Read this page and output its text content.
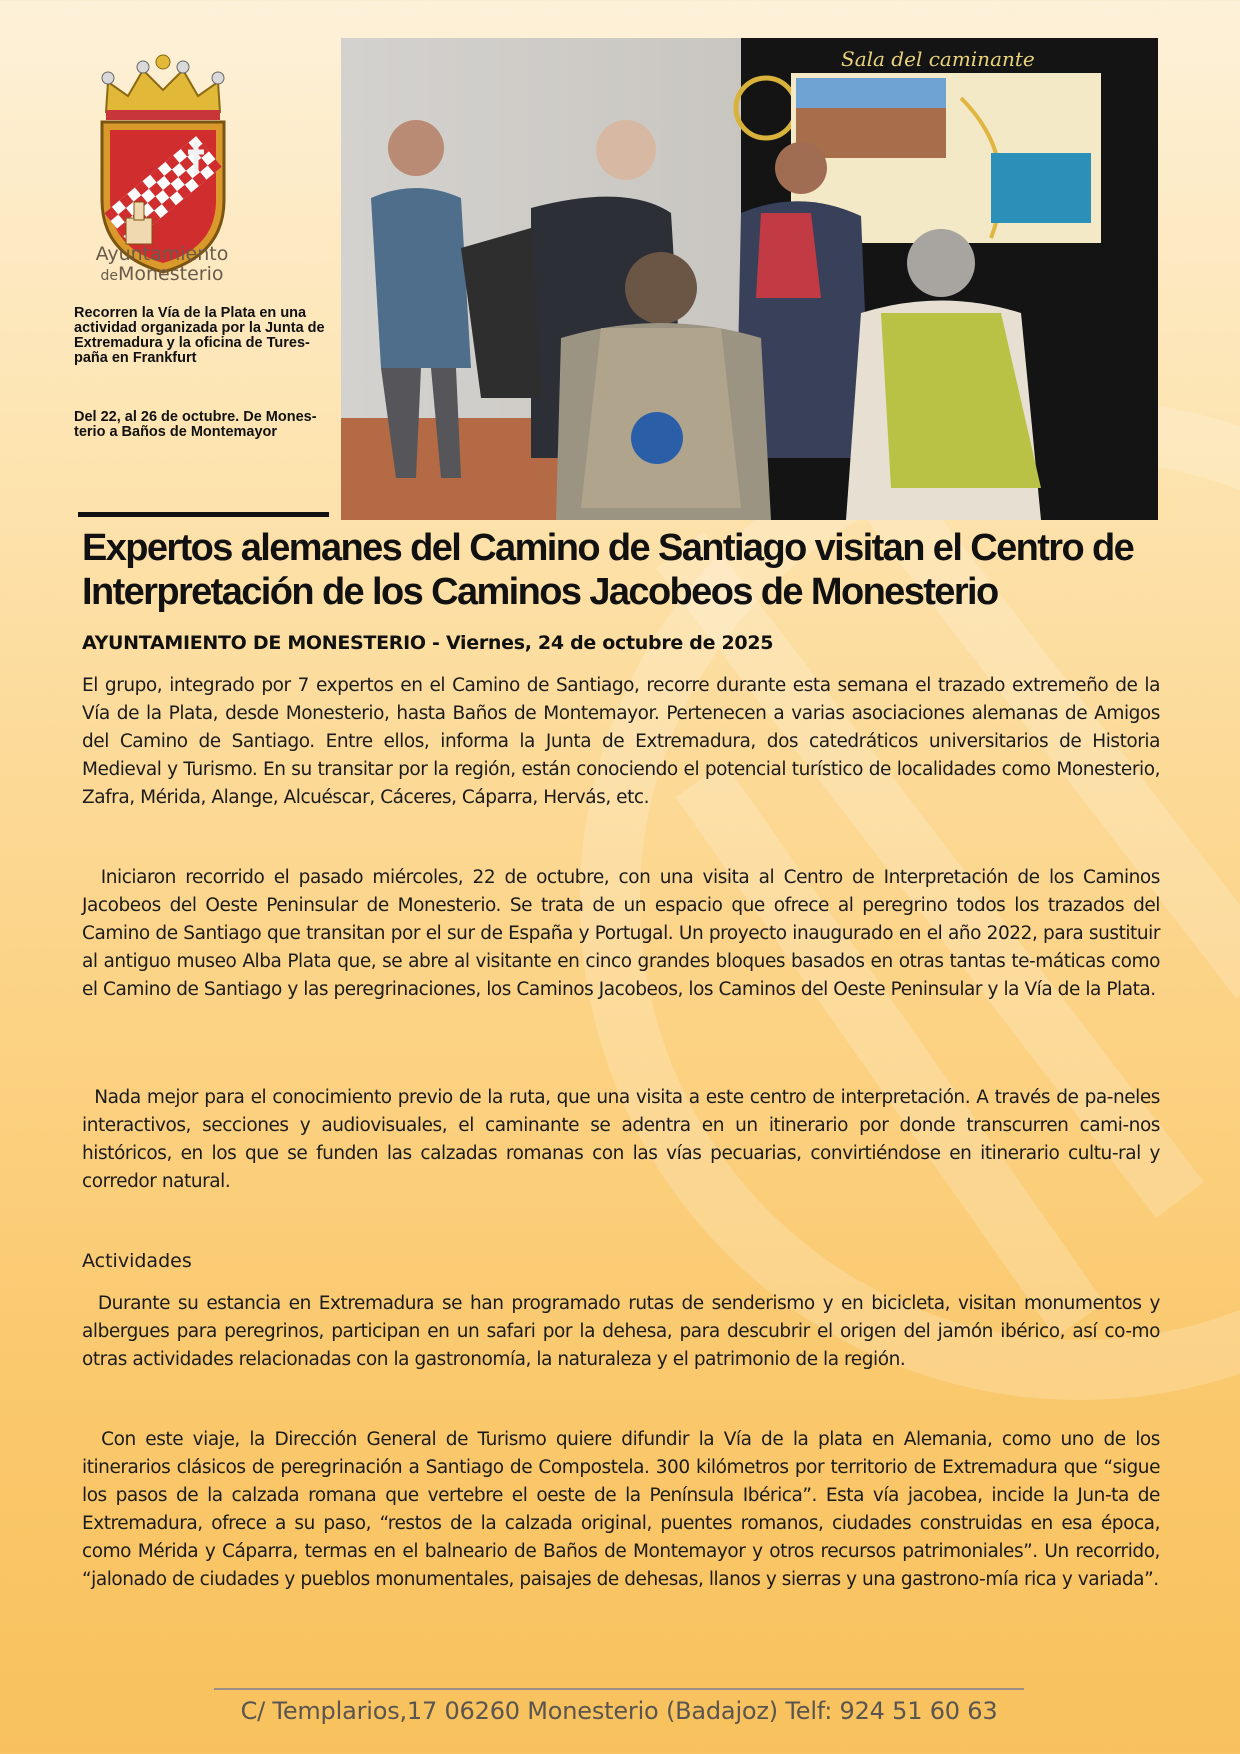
Ayuntamiento
deMonesterio
Recorren la Vía de la Plata en una actividad organizada por la Junta de Extremadura y la oficina de Tures-paña en Frankfurt
Del 22, al 26 de octubre. De Mones-terio a Baños de Montemayor
Sala del caminante
Expertos alemanes del Camino de Santiago visitan el Centro de Interpretación de los Caminos Jacobeos de Monesterio
AYUNTAMIENTO DE MONESTERIO - Viernes, 24 de octubre de 2025

El grupo, integrado por 7 expertos en el Camino de Santiago, recorre durante esta semana el trazado extremeño de la Vía de la Plata, desde Monesterio, hasta Baños de Montemayor. Pertenecen a varias asociaciones alemanas de Amigos del Camino de Santiago. Entre ellos, informa la Junta de Extremadura, dos catedráticos universitarios de Historia Medieval y Turismo. En su transitar por la región, están conociendo el potencial turístico de localidades como Monesterio, Zafra, Mérida, Alange, Alcuéscar, Cáceres, Cáparra, Hervás, etc.

Iniciaron recorrido el pasado miércoles, 22 de octubre, con una visita al Centro de Interpretación de los Caminos Jacobeos del Oeste Peninsular de Monesterio. Se trata de un espacio que ofrece al peregrino todos los trazados del Camino de Santiago que transitan por el sur de España y Portugal. Un proyecto inaugurado en el año 2022, para sustituir al antiguo museo Alba Plata que, se abre al visitante en cinco grandes bloques basados en otras tantas te-máticas como el Camino de Santiago y las peregrinaciones, los Caminos Jacobeos, los Caminos del Oeste Peninsular y la Vía de la Plata.

Nada mejor para el conocimiento previo de la ruta, que una visita a este centro de interpretación. A través de pa-neles interactivos, secciones y audiovisuales, el caminante se adentra en un itinerario por donde transcurren cami-nos históricos, en los que se funden las calzadas romanas con las vías pecuarias, convirtiéndose en itinerario cultu-ral y corredor natural.

Actividades

Durante su estancia en Extremadura se han programado rutas de senderismo y en bicicleta, visitan monumentos y albergues para peregrinos, participan en un safari por la dehesa, para descubrir el origen del jamón ibérico, así co-mo otras actividades relacionadas con la gastronomía, la naturaleza y el patrimonio de la región.

Con este viaje, la Dirección General de Turismo quiere difundir la Vía de la plata en Alemania, como uno de los itinerarios clásicos de peregrinación a Santiago de Compostela. 300 kilómetros por territorio de Extremadura que “sigue los pasos de la calzada romana que vertebre el oeste de la Península Ibérica”. Esta vía jacobea, incide la Jun-ta de Extremadura, ofrece a su paso, “restos de la calzada original, puentes romanos, ciudades construidas en esa época, como Mérida y Cáparra, termas en el balneario de Baños de Montemayor y otros recursos patrimoniales”. Un recorrido, “jalonado de ciudades y pueblos monumentales, paisajes de dehesas, llanos y sierras y una gastrono-mía rica y variada”.

C/ Templarios,17 06260 Monesterio (Badajoz) Telf: 924 51 60 63
